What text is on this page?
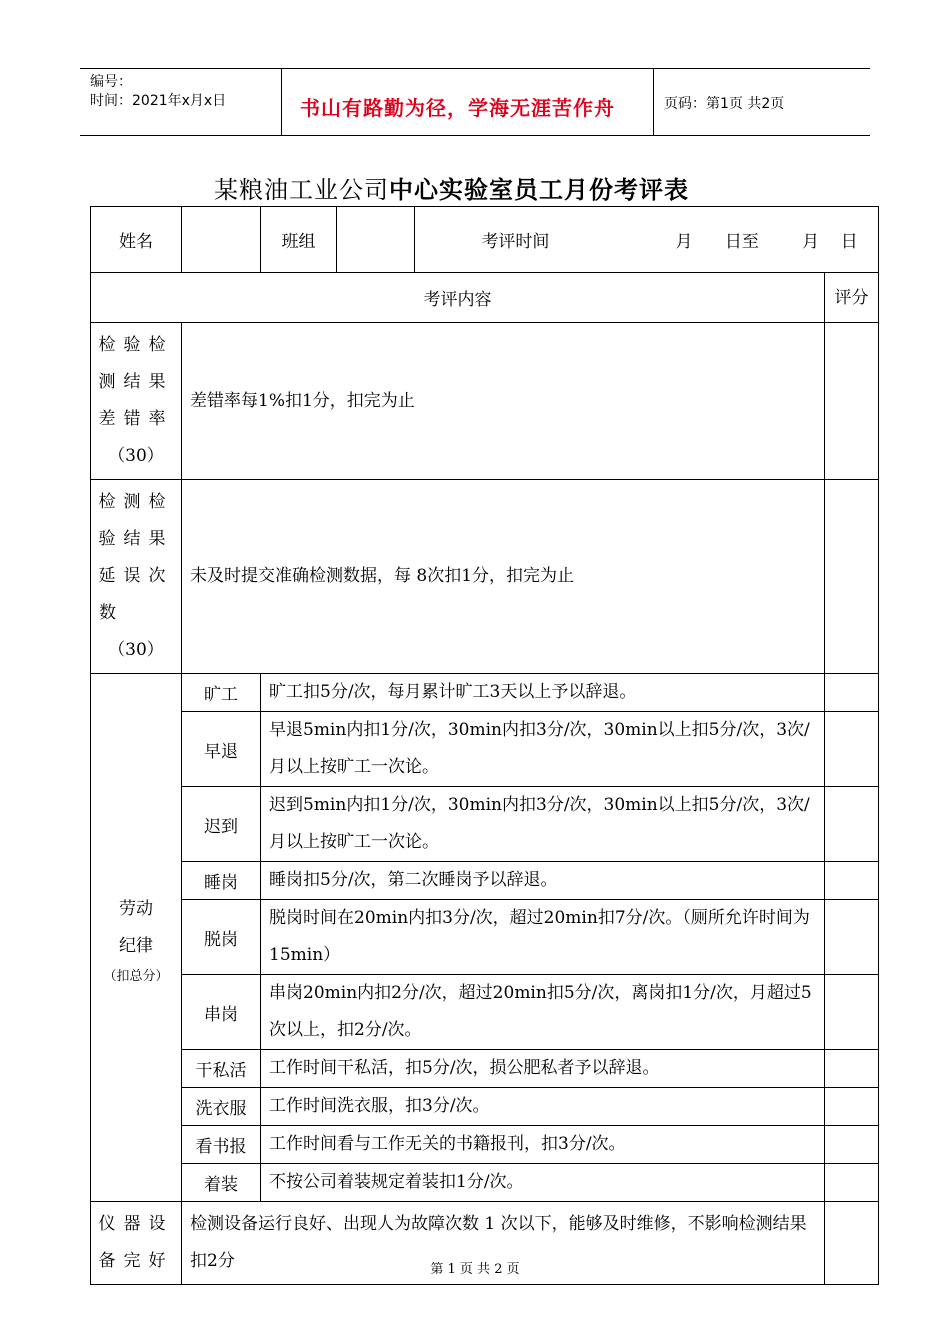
编号：
时间：2021年x月x日	书山有路勤为径，学海无涯苦作舟	页码：第1页 共2页
某粮油工业公司中心实验室员工月份考评表
姓名		班组		考评时间 月      日至        月    日	

考评内容					评分

检验检
测结果
差错率
（30）	差错率每1%扣1分，扣完为止				

检测检
验结果
延误次
数
（30）	未及时提交准确检测数据，每 8次扣1分，扣完为止				

劳动
纪律
（扣总分）	旷工	旷工扣5分/次，每月累计旷工3天以上予以辞退。			
	早退	早退5min内扣1分/次，30min内扣3分/次，30min以上扣5分/次，3次/月以上按旷工一次论。			
	迟到	迟到5min内扣1分/次，30min内扣3分/次，30min以上扣5分/次，3次/月以上按旷工一次论。			
	睡岗	睡岗扣5分/次，第二次睡岗予以辞退。			
	脱岗	脱岗时间在20min内扣3分/次，超过20min扣7分/次。（厕所允许时间为15min）			
	串岗	串岗20min内扣2分/次，超过20min扣5分/次，离岗扣1分/次，月超过5次以上，扣2分/次。			
	干私活	工作时间干私活，扣5分/次，损公肥私者予以辞退。			
	洗衣服	工作时间洗衣服，扣3分/次。			
	看书报	工作时间看与工作无关的书籍报刊，扣3分/次。			
	着装	不按公司着装规定着装扣1分/次。			

仪器设
备完好	检测设备运行良好、出现人为故障次数 1 次以下，能够及时维修，不影响检测结果扣2分					第 1 页 共 2 页
